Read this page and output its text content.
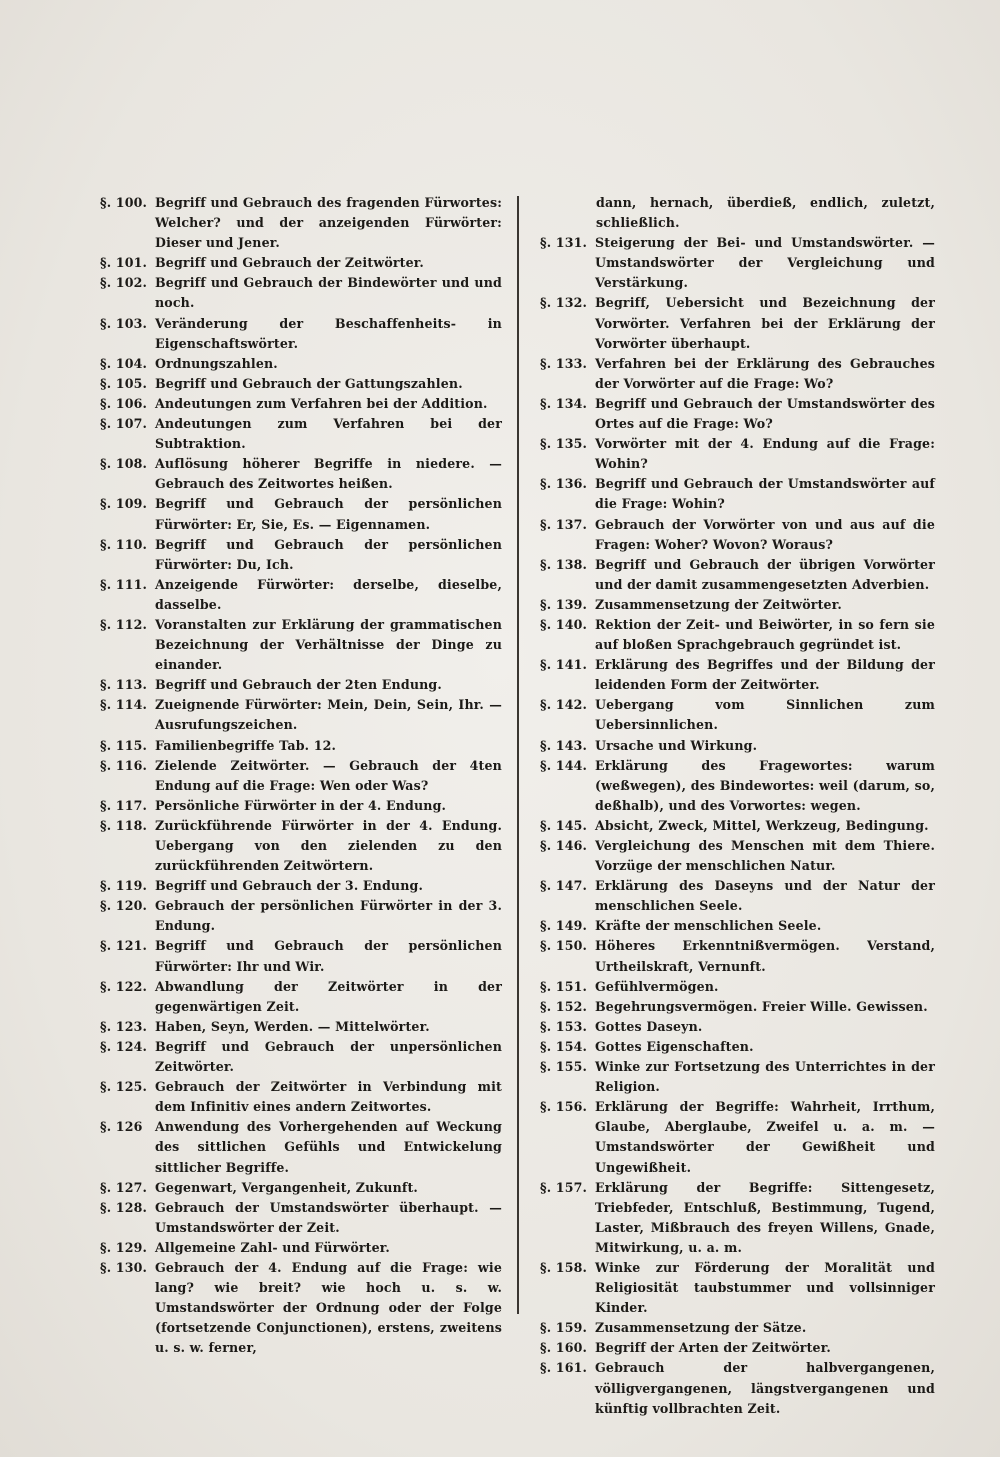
§. 100. Begriff und Gebrauch des fragenden Fürwortes: Welcher? und der anzeigenden Fürwörter: Dieser und Jener.
§. 101. Begriff und Gebrauch der Zeitwörter.
§. 102. Begriff und Gebrauch der Bindewörter und und noch.
§. 103. Veränderung der Beschaffenheits- in Eigenschaftswörter.
§. 104. Ordnungszahlen.
§. 105. Begriff und Gebrauch der Gattungszahlen.
§. 106. Andeutungen zum Verfahren bei der Addition.
§. 107. Andeutungen zum Verfahren bei der Subtraktion.
§. 108. Auflösung höherer Begriffe in niedere. — Gebrauch des Zeitwortes heißen.
§. 109. Begriff und Gebrauch der persönlichen Fürwörter: Er, Sie, Es. — Eigennamen.
§. 110. Begriff und Gebrauch der persönlichen Fürwörter: Du, Ich.
§. 111. Anzeigende Fürwörter: derselbe, dieselbe, dasselbe.
§. 112. Voranstalten zur Erklärung der grammatischen Bezeichnung der Verhältnisse der Dinge zu einander.
§. 113. Begriff und Gebrauch der 2ten Endung.
§. 114. Zueignende Fürwörter: Mein, Dein, Sein, Ihr. — Ausrufungszeichen.
§. 115. Familienbegriffe Tab. 12.
§. 116. Zielende Zeitwörter. — Gebrauch der 4ten Endung auf die Frage: Wen oder Was?
§. 117. Persönliche Fürwörter in der 4. Endung.
§. 118. Zurückführende Fürwörter in der 4. Endung. Uebergang von den zielenden zu den zurückführenden Zeitwörtern.
§. 119. Begriff und Gebrauch der 3. Endung.
§. 120. Gebrauch der persönlichen Fürwörter in der 3. Endung.
§. 121. Begriff und Gebrauch der persönlichen Fürwörter: Ihr und Wir.
§. 122. Abwandlung der Zeitwörter in der gegenwärtigen Zeit.
§. 123. Haben, Seyn, Werden. — Mittelwörter.
§. 124. Begriff und Gebrauch der unpersönlichen Zeitwörter.
§. 125. Gebrauch der Zeitwörter in Verbindung mit dem Infinitiv eines andern Zeitwortes.
§. 126 Anwendung des Vorhergehenden auf Weckung des sittlichen Gefühls und Entwickelung sittlicher Begriffe.
§. 127. Gegenwart, Vergangenheit, Zukunft.
§. 128. Gebrauch der Umstandswörter überhaupt. — Umstandswörter der Zeit.
§. 129. Allgemeine Zahl- und Fürwörter.
§. 130. Gebrauch der 4. Endung auf die Frage: wie lang? wie breit? wie hoch u. s. w. Umstandswörter der Ordnung oder der Folge (fortsetzende Conjunctionen), erstens, zweitens u. s. w. ferner,
dann, hernach, überdieß, endlich, zuletzt, schließlich.
§. 131. Steigerung der Bei- und Umstandswörter. — Umstandswörter der Vergleichung und Verstärkung.
§. 132. Begriff, Uebersicht und Bezeichnung der Vorwörter. Verfahren bei der Erklärung der Vorwörter überhaupt.
§. 133. Verfahren bei der Erklärung des Gebrauches der Vorwörter auf die Frage: Wo?
§. 134. Begriff und Gebrauch der Umstandswörter des Ortes auf die Frage: Wo?
§. 135. Vorwörter mit der 4. Endung auf die Frage: Wohin?
§. 136. Begriff und Gebrauch der Umstandswörter auf die Frage: Wohin?
§. 137. Gebrauch der Vorwörter von und aus auf die Fragen: Woher? Wovon? Woraus?
§. 138. Begriff und Gebrauch der übrigen Vorwörter und der damit zusammengesetzten Adverbien.
§. 139. Zusammensetzung der Zeitwörter.
§. 140. Rektion der Zeit- und Beiwörter, in so fern sie auf bloßen Sprachgebrauch gegründet ist.
§. 141. Erklärung des Begriffes und der Bildung der leidenden Form der Zeitwörter.
§. 142. Uebergang vom Sinnlichen zum Uebersinnlichen.
§. 143. Ursache und Wirkung.
§. 144. Erklärung des Fragewortes: warum (weßwegen), des Bindewortes: weil (darum, so, deßhalb), und des Vorwortes: wegen.
§. 145. Absicht, Zweck, Mittel, Werkzeug, Bedingung.
§. 146. Vergleichung des Menschen mit dem Thiere. Vorzüge der menschlichen Natur.
§. 147. Erklärung des Daseyns und der Natur der menschlichen Seele.
§. 149. Kräfte der menschlichen Seele.
§. 150. Höheres Erkenntnißvermögen. Verstand, Urtheilskraft, Vernunft.
§. 151. Gefühlvermögen.
§. 152. Begehrungsvermögen. Freier Wille. Gewissen.
§. 153. Gottes Daseyn.
§. 154. Gottes Eigenschaften.
§. 155. Winke zur Fortsetzung des Unterrichtes in der Religion.
§. 156. Erklärung der Begriffe: Wahrheit, Irrthum, Glaube, Aberglaube, Zweifel u. a. m. — Umstandswörter der Gewißheit und Ungewißheit.
§. 157. Erklärung der Begriffe: Sittengesetz, Triebfeder, Entschluß, Bestimmung, Tugend, Laster, Mißbrauch des freyen Willens, Gnade, Mitwirkung, u. a. m.
§. 158. Winke zur Förderung der Moralität und Religiosität taubstummer und vollsinniger Kinder.
§. 159. Zusammensetzung der Sätze.
§. 160. Begriff der Arten der Zeitwörter.
§. 161. Gebrauch der halbvergangenen, völligvergangenen, längstvergangenen und künftig vollbrachten Zeit.
